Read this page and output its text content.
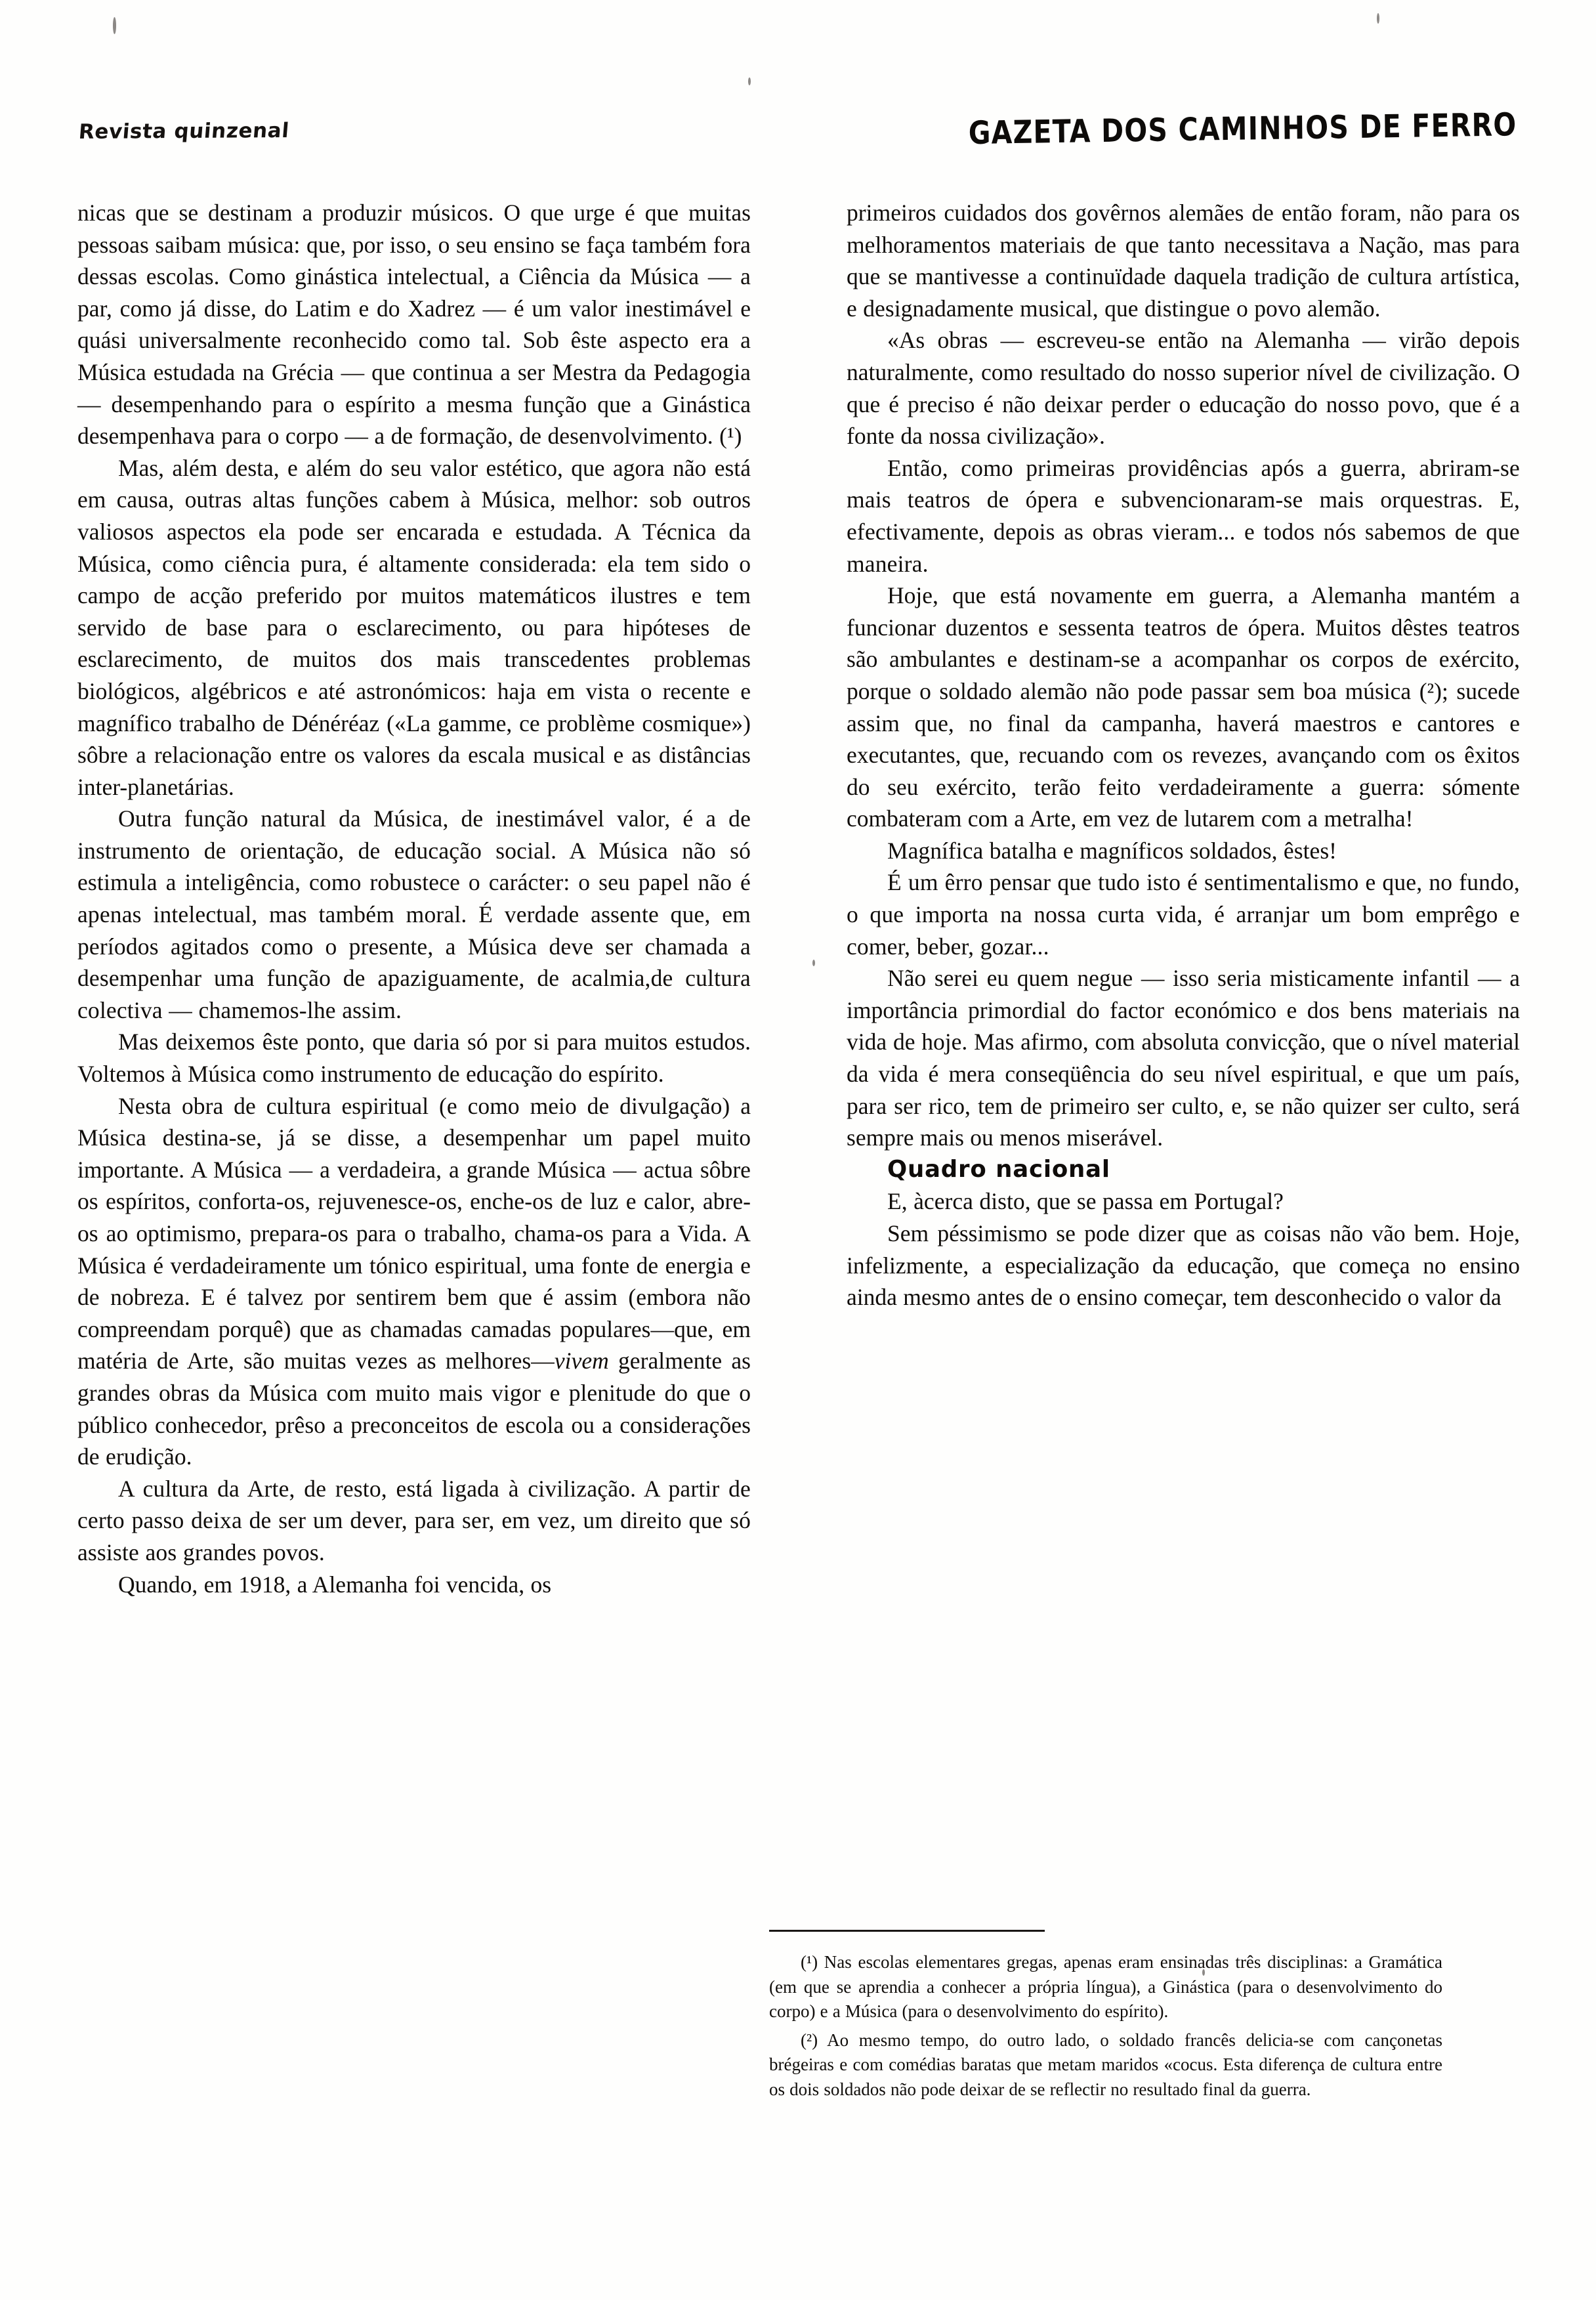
Revista quinzenal	GAZETA DOS CAMINHOS DE FERRO

nicas que se destinam a produzir músicos. O que urge é que muitas pessoas saibam música: que, por isso, o seu ensino se faça também fora dessas escolas. Como ginástica intelectual, a Ciência da Música — a par, como já disse, do Latim e do Xadrez — é um valor inestimável e quási universalmente reconhecido como tal. Sob êste aspecto era a Música estudada na Grécia — que continua a ser Mestra da Pedagogia — desempenhando para o espírito a mesma função que a Ginástica desempenhava para o corpo — a de formação, de desenvolvimento. (¹)

Mas, além desta, e além do seu valor estético, que agora não está em causa, outras altas funções cabem à Música, melhor: sob outros valiosos aspectos ela pode ser encarada e estudada. A Técnica da Música, como ciência pura, é altamente considerada: ela tem sido o campo de acção preferido por muitos matemáticos ilustres e tem servido de base para o esclarecimento, ou para hipóteses de esclarecimento, de muitos dos mais transcedentes problemas biológicos, algébricos e até astronómicos: haja em vista o recente e magnífico trabalho de Dénéréaz («La gamme, ce problème cosmique») sôbre a relacionação entre os valores da escala musical e as distâncias inter-planetárias.

Outra função natural da Música, de inestimável valor, é a de instrumento de orientação, de educação social. A Música não só estimula a inteligência, como robustece o carácter: o seu papel não é apenas intelectual, mas também moral. É verdade assente que, em períodos agitados como o presente, a Música deve ser chamada a desempenhar uma função de apaziguamente, de acalmia,de cultura colectiva — chamemos-lhe assim.

Mas deixemos êste ponto, que daria só por si para muitos estudos. Voltemos à Música como instrumento de educação do espírito.

Nesta obra de cultura espiritual (e como meio de divulgação) a Música destina-se, já se disse, a desempenhar um papel muito importante. A Música — a verdadeira, a grande Música — actua sôbre os espíritos, conforta-os, rejuvenesce-os, enche-os de luz e calor, abre-os ao optimismo, prepara-os para o trabalho, chama-os para a Vida. A Música é verdadeiramente um tónico espiritual, uma fonte de energia e de nobreza. E é talvez por sentirem bem que é assim (embora não compreendam porquê) que as chamadas camadas populares—que, em matéria de Arte, são muitas vezes as melhores—vivem geralmente as grandes obras da Música com muito mais vigor e plenitude do que o público conhecedor, prêso a preconceitos de escola ou a considerações de erudição.

A cultura da Arte, de resto, está ligada à civilização. A partir de certo passo deixa de ser um dever, para ser, em vez, um direito que só assiste aos grandes povos.

Quando, em 1918, a Alemanha foi vencida, os

primeiros cuidados dos govêrnos alemães de então foram, não para os melhoramentos materiais de que tanto necessitava a Nação, mas para que se mantivesse a continuïdade daquela tradição de cultura artística, e designadamente musical, que distingue o povo alemão.

«As obras — escreveu-se então na Alemanha — virão depois naturalmente, como resultado do nosso superior nível de civilização. O que é preciso é não deixar perder o educação do nosso povo, que é a fonte da nossa civilização».

Então, como primeiras providências após a guerra, abriram-se mais teatros de ópera e subvencionaram-se mais orquestras. E, efectivamente, depois as obras vieram... e todos nós sabemos de que maneira.

Hoje, que está novamente em guerra, a Alemanha mantém a funcionar duzentos e sessenta teatros de ópera. Muitos dêstes teatros são ambulantes e destinam-se a acompanhar os corpos de exército, porque o soldado alemão não pode passar sem boa música (²); sucede assim que, no final da campanha, haverá maestros e cantores e executantes, que, recuando com os revezes, avançando com os êxitos do seu exército, terão feito verdadeiramente a guerra: sómente combateram com a Arte, em vez de lutarem com a metralha!

Magnífica batalha e magníficos soldados, êstes!

É um êrro pensar que tudo isto é sentimentalismo e que, no fundo, o que importa na nossa curta vida, é arranjar um bom emprêgo e comer, beber, gozar...

Não serei eu quem negue — isso seria misticamente infantil — a importância primordial do factor económico e dos bens materiais na vida de hoje. Mas afirmo, com absoluta convicção, que o nível material da vida é mera conseqüência do seu nível espiritual, e que um país, para ser rico, tem de primeiro ser culto, e, se não quizer ser culto, será sempre mais ou menos miserável.

Quadro nacional

E, àcerca disto, que se passa em Portugal?

Sem péssimismo se pode dizer que as coisas não vão bem. Hoje, infelizmente, a especialização da educação, que começa no ensino ainda mesmo antes de o ensino começar, tem desconhecido o valor da

(¹) Nas escolas elementares gregas, apenas eram ensinadas três disciplinas: a Gramática (em que se aprendia a conhecer a própria língua), a Ginástica (para o desenvolvimento do corpo) e a Música (para o desenvolvimento do espírito).

(²) Ao mesmo tempo, do outro lado, o soldado francês delicia-se com cançonetas brégeiras e com comédias baratas que metam maridos «cocus. Esta diferença de cultura entre os dois soldados não pode deixar de se reflectir no resultado final da guerra.
